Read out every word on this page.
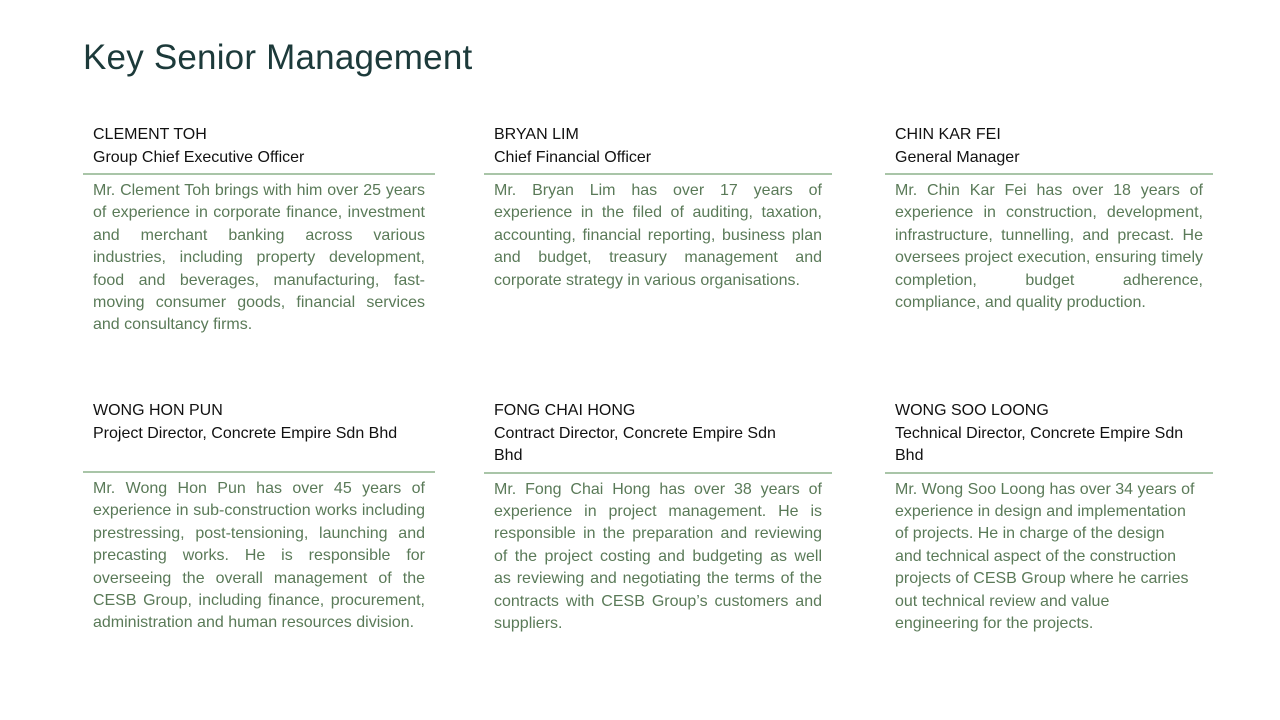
Key Senior Management
CLEMENT TOH
Group Chief Executive Officer
Mr. Clement Toh brings with him over 25 years of experience in corporate finance, investment and merchant banking across various industries, including property development, food and beverages, manufacturing, fast-moving consumer goods, financial services and consultancy firms.
BRYAN LIM
Chief Financial Officer
Mr. Bryan Lim has over 17 years of experience in the filed of auditing, taxation, accounting, financial reporting, business plan and budget, treasury management and corporate strategy in various organisations.
CHIN KAR FEI
General Manager
Mr. Chin Kar Fei has over 18 years of experience in construction, development, infrastructure, tunnelling, and precast. He oversees project execution, ensuring timely completion, budget adherence, compliance, and quality production.
WONG HON PUN
Project Director, Concrete Empire Sdn Bhd
Mr. Wong Hon Pun has over 45 years of experience in sub-construction works including prestressing, post-tensioning, launching and precasting works. He is responsible for overseeing the overall management of the CESB Group, including finance, procurement, administration and human resources division.
FONG CHAI HONG
Contract Director, Concrete Empire Sdn Bhd
Mr. Fong Chai Hong has over 38 years of experience in project management. He is responsible in the preparation and reviewing of the project costing and budgeting as well as reviewing and negotiating the terms of the contracts with CESB Group’s customers and suppliers.
WONG SOO LOONG
Technical Director, Concrete Empire Sdn Bhd
Mr. Wong Soo Loong has over 34 years of experience in design and implementation of projects. He in charge of the design and technical aspect of the construction projects of CESB Group where he carries out technical review and value engineering for the projects.
